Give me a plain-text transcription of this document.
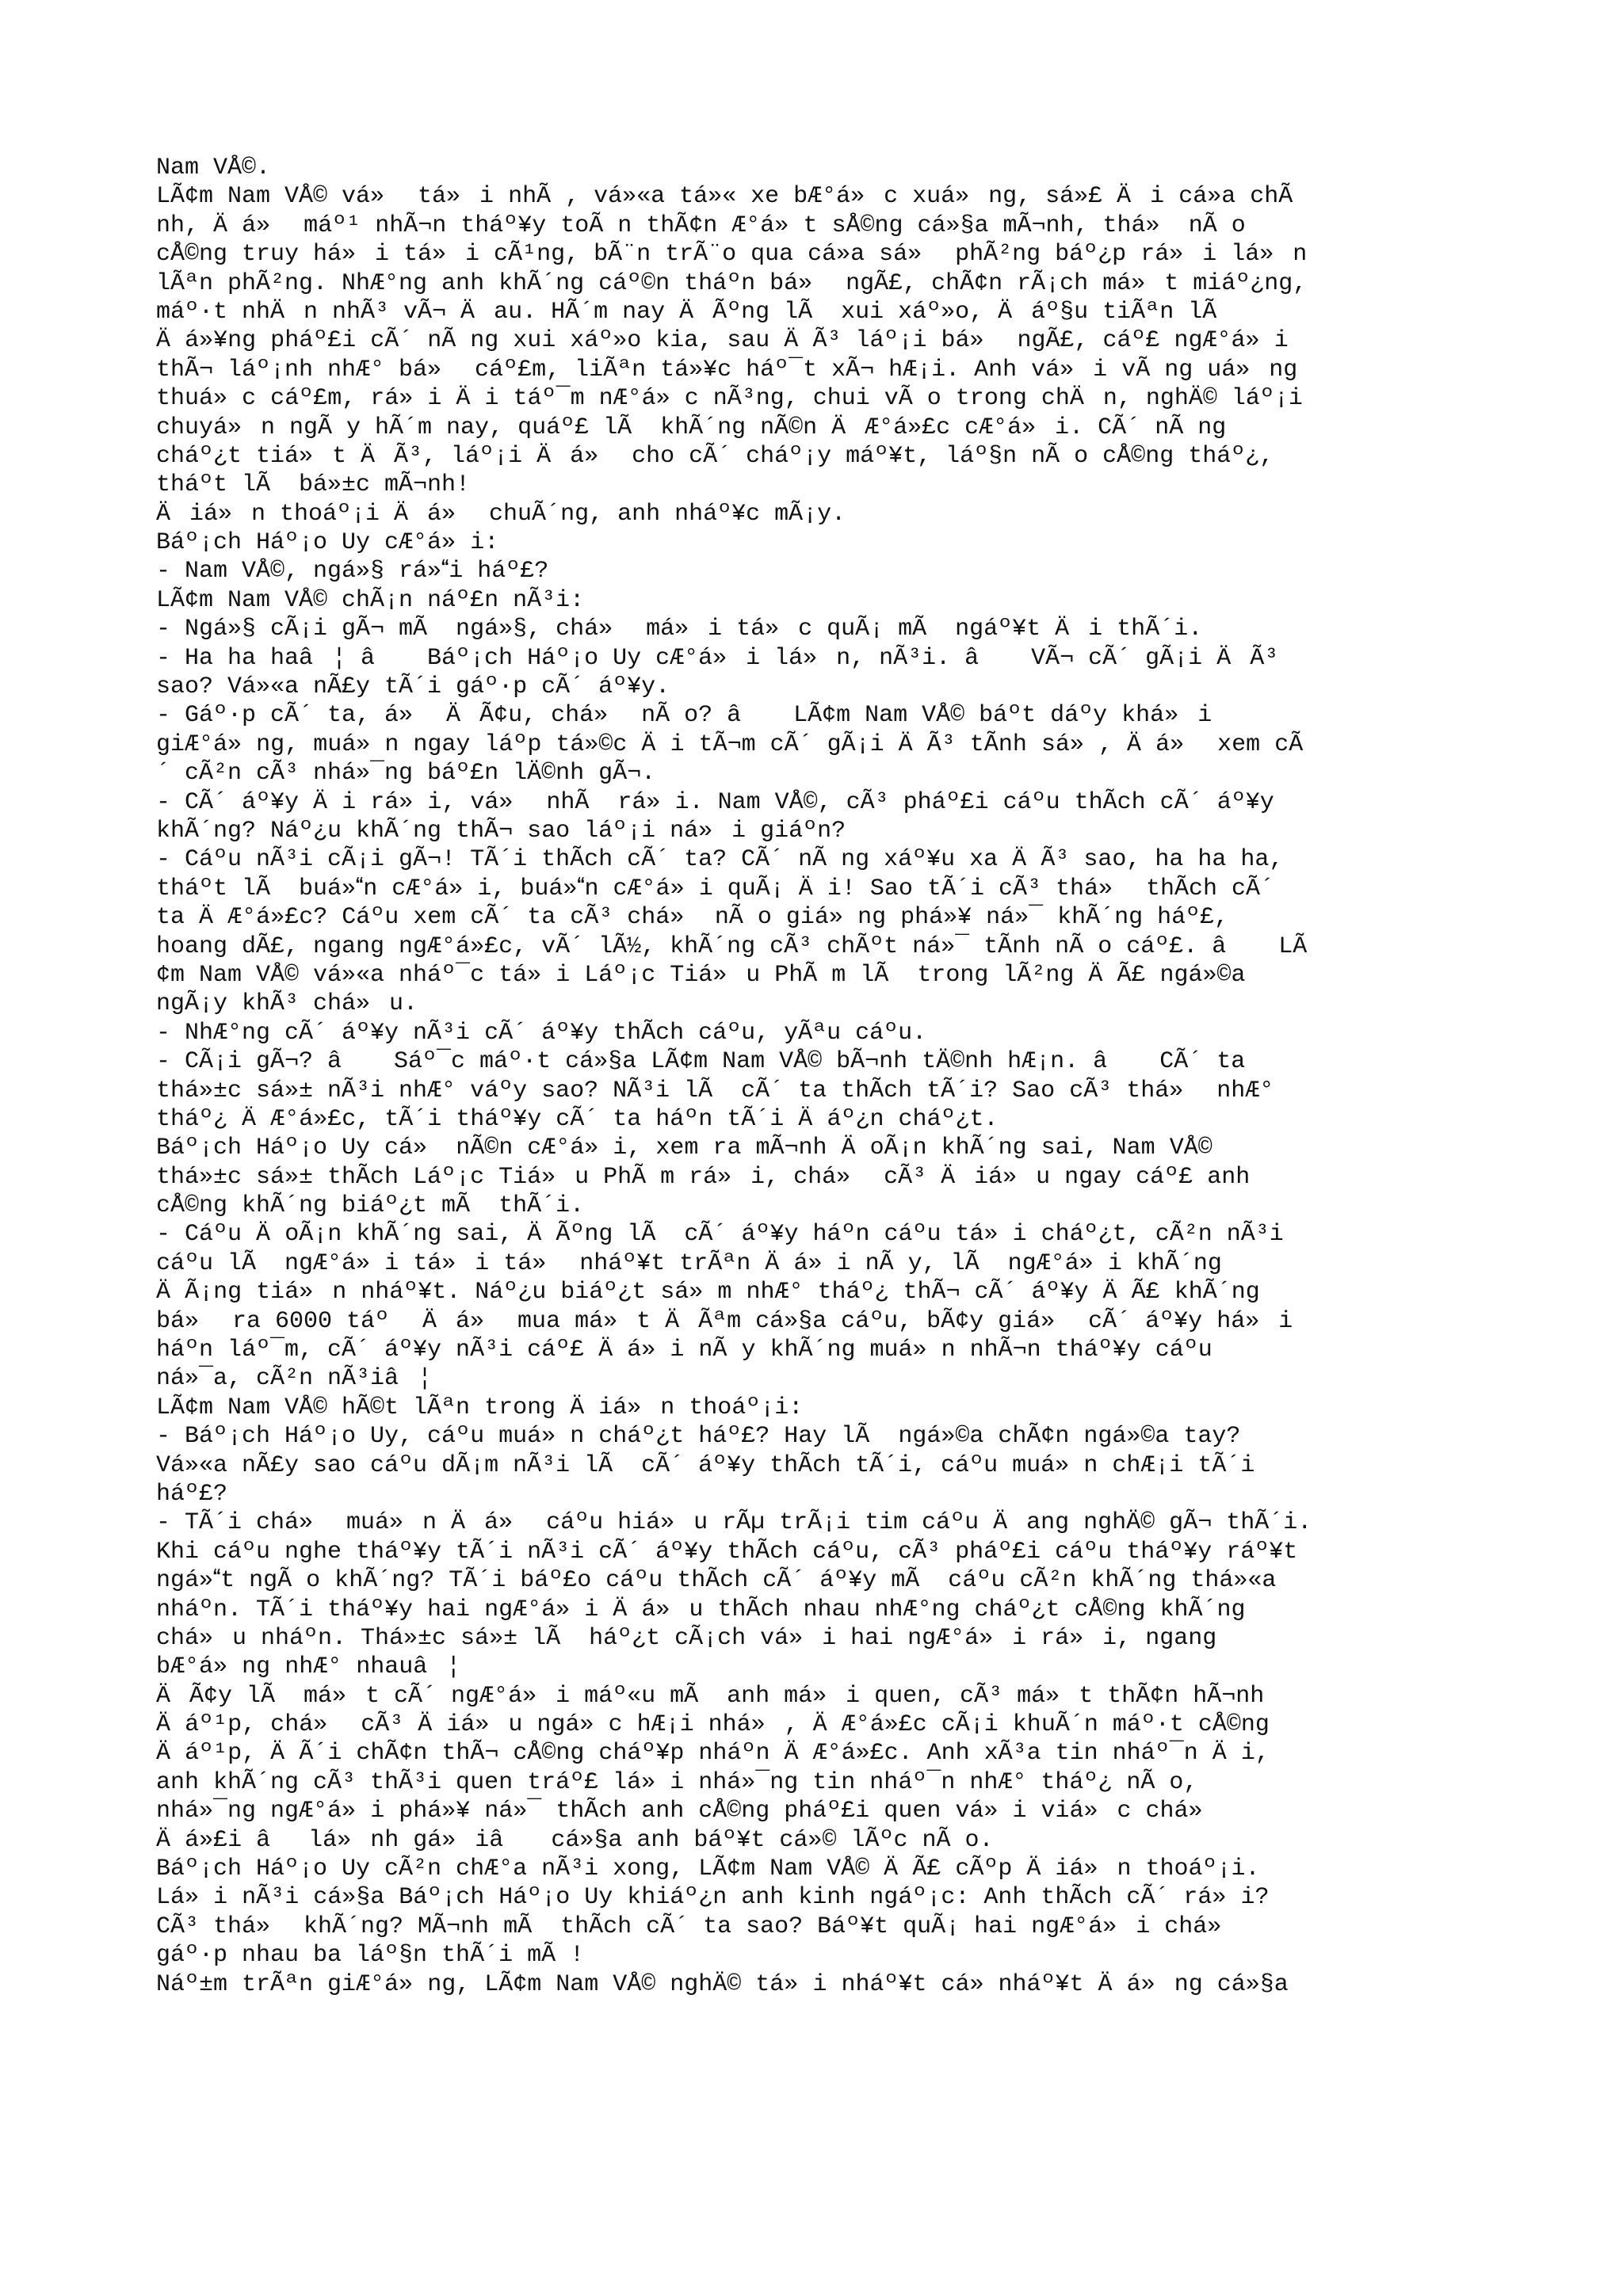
Nam VÅ©.
LÃ¢m Nam VÅ© vá» tá»i nhÃ , vá»«a tá»« xe bÆ°á»c xuá»ng, sá»£ Äi cá»a chÃ
nh, Äá» máº¹ nhÃ¬n tháº¥y toÃ n thÃ¢n Æ°á»t sÅ©ng cá»§a mÃ¬nh, thá» nÃ o
cÅ©ng truy há»i tá»i cÃ¹ng, bÃ¨n trÃ¨o qua cá»a sá» phÃ²ng báº¿p rá»i lá»n
lÃªn phÃ²ng. NhÆ°ng anh khÃ´ng cáº©n tháºn bá» ngÃ£, chÃ¢n rÃ¡ch má»t miáº¿ng,
máº·t nhÄn nhÃ³ vÃ¬ Äau. HÃ´m nay ÄÃºng lÃ  xui xáº»o, Äáº§u tiÃªn lÃ
Äá»¥ng pháº£i cÃ´ nÃ ng xui xáº»o kia, sau ÄÃ³ láº¡i bá» ngÃ£, cáº£ ngÆ°á»i
thÃ¬ láº¡nh nhÆ° bá» cáº£m, liÃªn tá»¥c háº¯t xÃ¬ hÆ¡i. Anh vá»i vÃ ng uá»ng
thuá»c cáº£m, rá»i Äi táº¯m nÆ°á»c nÃ³ng, chui vÃ o trong chÄn, nghÄ© láº¡i
chuyá»n ngÃ y hÃ´m nay, quáº£ lÃ  khÃ´ng nÃ©n ÄÆ°á»£c cÆ°á»i. CÃ´ nÃ ng
cháº¿t tiá»t ÄÃ³, láº¡i Äá» cho cÃ´ cháº¡y máº¥t, láº§n nÃ o cÅ©ng tháº¿,
tháºt lÃ  bá»±c mÃ¬nh!
Äiá»n thoáº¡i Äá» chuÃ´ng, anh nháº¥c mÃ¡y.
Báº¡ch Háº¡o Uy cÆ°á»i:
- Nam VÅ©, ngá»§ rá»i háº£?
LÃ¢m Nam VÅ© chÃ¡n náº£n nÃ³i:
- Ngá»§ cÃ¡i gÃ¬ mÃ  ngá»§, chá» má»i tá»c quÃ¡ mÃ  ngáº¥t Äi thÃ´i.
- Ha ha haâ¦ â Báº¡ch Háº¡o Uy cÆ°á»i lá»n, nÃ³i. â VÃ¬ cÃ´ gÃ¡i ÄÃ³
sao? Vá»«a nÃ£y tÃ´i gáº·p cÃ´ áº¥y.
- Gáº·p cÃ´ ta, á» ÄÃ¢u, chá» nÃ o? â LÃ¢m Nam VÅ© báºt dáºy khá»i
giÆ°á»ng, muá»n ngay láºp tá»©c Äi tÃ¬m cÃ´ gÃ¡i ÄÃ³ tÃnh sá», Äá» xem cÃ
´ cÃ²n cÃ³ nhá»¯ng báº£n lÄ©nh gÃ¬.
- CÃ´ áº¥y Äi rá»i, vá» nhÃ  rá»i. Nam VÅ©, cÃ³ pháº£i cáºu thÃch cÃ´ áº¥y
khÃ´ng? Náº¿u khÃ´ng thÃ¬ sao láº¡i ná»i giáºn?
- Cáºu nÃ³i cÃ¡i gÃ¬! TÃ´i thÃch cÃ´ ta? CÃ´ nÃ ng xáº¥u xa ÄÃ³ sao, ha ha ha,
tháºt lÃ  buá»n cÆ°á»i, buá»n cÆ°á»i quÃ¡ Äi! Sao tÃ´i cÃ³ thá» thÃch cÃ´
ta ÄÆ°á»£c? Cáºu xem cÃ´ ta cÃ³ chá» nÃ o giá»ng phá»¥ ná»¯ khÃ´ng háº£,
hoang dÃ£, ngang ngÆ°á»£c, vÃ´ lÃ½, khÃ´ng cÃ³ chÃºt ná»¯ tÃnh nÃ o cáº£. â LÃ
¢m Nam VÅ© vá»«a nháº¯c tá»i Láº¡c Tiá»u PhÃ m lÃ  trong lÃ²ng ÄÃ£ ngá»©a
ngÃ¡y khÃ³ chá»u.
- NhÆ°ng cÃ´ áº¥y nÃ³i cÃ´ áº¥y thÃch cáºu, yÃªu cáºu.
- CÃ¡i gÃ¬? â Sáº¯c máº·t cá»§a LÃ¢m Nam VÅ© bÃ¬nh tÄ©nh hÆ¡n. â CÃ´ ta
thá»±c sá»± nÃ³i nhÆ° váºy sao? NÃ³i lÃ  cÃ´ ta thÃch tÃ´i? Sao cÃ³ thá» nhÆ°
tháº¿ ÄÆ°á»£c, tÃ´i tháº¥y cÃ´ ta háºn tÃ´i Äáº¿n cháº¿t.
Báº¡ch Háº¡o Uy cá» nÃ©n cÆ°á»i, xem ra mÃ¬nh ÄoÃ¡n khÃ´ng sai, Nam VÅ©
thá»±c sá»± thÃch Láº¡c Tiá»u PhÃ m rá»i, chá» cÃ³ Äiá»u ngay cáº£ anh
cÅ©ng khÃ´ng biáº¿t mÃ  thÃ´i.
- Cáºu ÄoÃ¡n khÃ´ng sai, ÄÃºng lÃ  cÃ´ áº¥y háºn cáºu tá»i cháº¿t, cÃ²n nÃ³i
cáºu lÃ  ngÆ°á»i tá»i tá» nháº¥t trÃªn Äá»i nÃ y, lÃ  ngÆ°á»i khÃ´ng
ÄÃ¡ng tiá»n nháº¥t. Náº¿u biáº¿t sá»m nhÆ° tháº¿ thÃ¬ cÃ´ áº¥y ÄÃ£ khÃ´ng
bá» ra 6000 táº Äá» mua má»t ÄÃªm cá»§a cáºu, bÃ¢y giá» cÃ´ áº¥y há»i
háºn láº¯m, cÃ´ áº¥y nÃ³i cáº£ Äá»i nÃ y khÃ´ng muá»n nhÃ¬n tháº¥y cáºu
ná»¯a, cÃ²n nÃ³iâ¦
LÃ¢m Nam VÅ© hÃ©t lÃªn trong Äiá»n thoáº¡i:
- Báº¡ch Háº¡o Uy, cáºu muá»n cháº¿t háº£? Hay lÃ  ngá»©a chÃ¢n ngá»©a tay?
Vá»«a nÃ£y sao cáºu dÃ¡m nÃ³i lÃ  cÃ´ áº¥y thÃch tÃ´i, cáºu muá»n chÆ¡i tÃ´i
háº£?
- TÃ´i chá» muá»n Äá» cáºu hiá»u rÃµ trÃ¡i tim cáºu Äang nghÄ© gÃ¬ thÃ´i.
Khi cáºu nghe tháº¥y tÃ´i nÃ³i cÃ´ áº¥y thÃch cáºu, cÃ³ pháº£i cáºu tháº¥y ráº¥t
ngá»t ngÃ o khÃ´ng? TÃ´i báº£o cáºu thÃch cÃ´ áº¥y mÃ  cáºu cÃ²n khÃ´ng thá»«a
nháºn. TÃ´i tháº¥y hai ngÆ°á»i Äá»u thÃch nhau nhÆ°ng cháº¿t cÅ©ng khÃ´ng
chá»u nháºn. Thá»±c sá»± lÃ  háº¿t cÃ¡ch vá»i hai ngÆ°á»i rá»i, ngang
bÆ°á»ng nhÆ° nhauâ¦
ÄÃ¢y lÃ  má»t cÃ´ ngÆ°á»i máº«u mÃ  anh má»i quen, cÃ³ má»t thÃ¢n hÃ¬nh
Äáº¹p, chá» cÃ³ Äiá»u ngá»c hÆ¡i nhá», ÄÆ°á»£c cÃ¡i khuÃ´n máº·t cÅ©ng
Äáº¹p, ÄÃ´i chÃ¢n thÃ¬ cÅ©ng cháº¥p nháºn ÄÆ°á»£c. Anh xÃ³a tin nháº¯n Äi,
anh khÃ´ng cÃ³ thÃ³i quen tráº£ lá»i nhá»¯ng tin nháº¯n nhÆ° tháº¿ nÃ o,
nhá»¯ng ngÆ°á»i phá»¥ ná»¯ thÃch anh cÅ©ng pháº£i quen vá»i viá»c chá»
Äá»£i âlá»nh gá»iâ cá»§a anh báº¥t cá»© lÃºc nÃ o.
Báº¡ch Háº¡o Uy cÃ²n chÆ°a nÃ³i xong, LÃ¢m Nam VÅ© ÄÃ£ cÃºp Äiá»n thoáº¡i.
Lá»i nÃ³i cá»§a Báº¡ch Háº¡o Uy khiáº¿n anh kinh ngáº¡c: Anh thÃch cÃ´ rá»i?
CÃ³ thá» khÃ´ng? MÃ¬nh mÃ  thÃch cÃ´ ta sao? Báº¥t quÃ¡ hai ngÆ°á»i chá»
gáº·p nhau ba láº§n thÃ´i mÃ !
Náº±m trÃªn giÆ°á»ng, LÃ¢m Nam VÅ© nghÄ© tá»i nháº¥t cá» nháº¥t Äá»ng cá»§a
